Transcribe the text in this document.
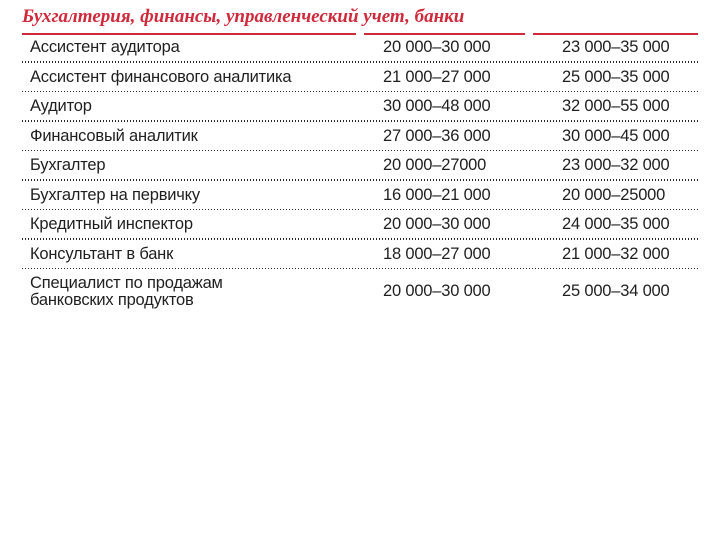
Бухгалтерия, финансы, управленческий учет, банки
Ассистент аудитора	20 000–30 000	23 000–35 000
Ассистент финансового аналитика	21 000–27 000	25 000–35 000
Аудитор	30 000–48 000	32 000–55 000
Финансовый аналитик	27 000–36 000	30 000–45 000
Бухгалтер	20 000–27000	23 000–32 000
Бухгалтер на первичку	16 000–21 000	20 000–25000
Кредитный инспектор	20 000–30 000	24 000–35 000
Консультант в банк	18 000–27 000	21 000–32 000
Специалист по продажам банковских продуктов	20 000–30 000	25 000–34 000
